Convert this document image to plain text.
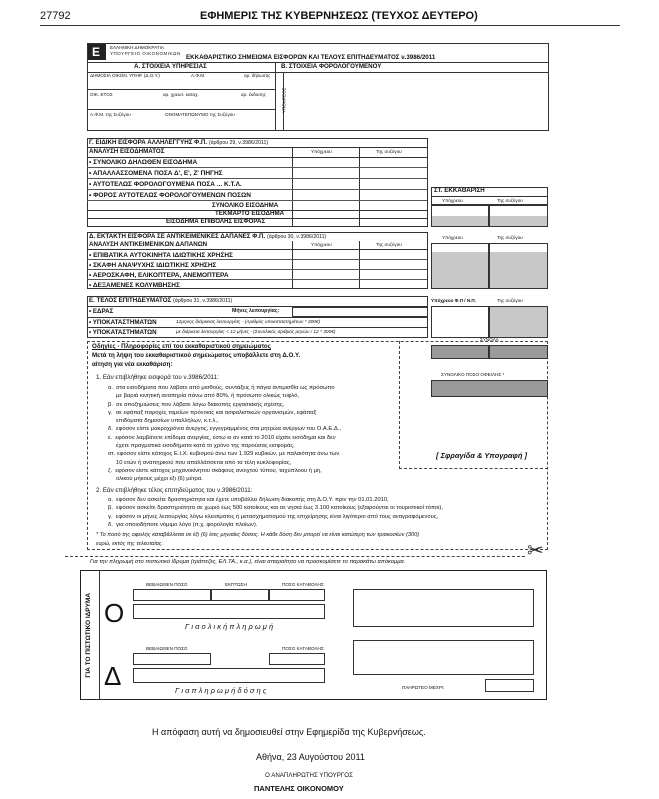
27792	ΕΦΗΜΕΡΙΣ ΤΗΣ ΚΥΒΕΡΝΗΣΕΩΣ (ΤΕΥΧΟΣ ΔΕΥΤΕΡΟ)
E ΕΛΛΗΝΙΚΗ ΔΗΜΟΚΡΑΤΙΑ
ΥΠΟΥΡΓΕΙΟ ΟΙΚΟΝΟΜΙΚΩΝ
ΕΚΚΑΘΑΡΙΣΤΙΚΟ ΣΗΜΕΙΩΜΑ ΕΙΣΦΟΡΩΝ ΚΑΙ ΤΕΛΟΥΣ ΕΠΙΤΗΔΕΥΜΑΤΟΣ ν.3986/2011
Α. ΣΤΟΙΧΕΙΑ ΥΠΗΡΕΣΙΑΣ	Β. ΣΤΟΙΧΕΙΑ ΦΟΡΟΛΟΓΟΥΜΕΝΟΥ
ΥΠΟΧΡΕΟΣ
ΔΗΜΟΣΙΑ ΟΙΚΟΝ. ΥΠΗΡ. (Δ.Ο.Υ.)	Α.Φ.Μ.	αρ. δήλωσης
ΟΙΚ. ΕΤΟΣ	αρ. χρεωτ. καταχ.	αρ. έκδοσης
Α.Φ.Μ. της Συζύγου	ΟΝΟΜΑΤΕΠΩΝΥΜΟ της Συζύγου
Γ. ΕΙΔΙΚΗ ΕΙΣΦΟΡΑ ΑΛΛΗΛΕΓΓΥΗΣ Φ.Π. (άρθρου 29, ν.3986/2011)
ΑΝΑΛΥΣΗ ΕΙΣΟΔΗΜΑΤΟΣ	Υπόχρεου	Της συζύγου
• ΣΥΝΟΛΙΚΟ ΔΗΛΩΘΕΝ ΕΙΣΟΔΗΜΑ
• ΑΠΑΛΛΑΣΣΟΜΕΝΑ ΠΟΣΑ Δ', Ε', Ζ' ΠΗΓΗΣ
• ΑΥΤΟΤΕΛΩΣ ΦΟΡΟΛΟΓΟΥΜΕΝΑ ΠΟΣΑ ... Κ.Τ.Λ.
• ΦΟΡΟΣ ΑΥΤΟΤΕΛΩΣ ΦΟΡΟΛΟΓΟΥΜΕΝΩΝ ΠΟΣΩΝ
ΣΥΝΟΛΙΚΟ ΕΙΣΟΔΗΜΑ
ΤΕΚΜΑΡΤΟ ΕΙΣΟΔΗΜΑ
ΕΙΣΟΔΗΜΑ ΕΠΙΒΟΛΗΣ ΕΙΣΦΟΡΑΣ
ΣΤ. ΕΚΚΑΘΑΡΙΣΗ
Υπόχρεου	Της συζύγου
Δ. ΕΚΤΑΚΤΗ ΕΙΣΦΟΡΑ ΣΕ ΑΝΤΙΚΕΙΜΕΝΙΚΕΣ ΔΑΠΑΝΕΣ Φ.Π. (άρθρου 30, ν.3986/2011)
ΑΝΑΛΥΣΗ ΑΝΤΙΚΕΙΜΕΝΙΚΩΝ ΔΑΠΑΝΩΝ	Υπόχρεου	Της συζύγου
• ΕΠΙΒΑΤΙΚΑ ΑΥΤΟΚΙΝΗΤΑ ΙΔΙΩΤΙΚΗΣ ΧΡΗΣΗΣ
• ΣΚΑΦΗ ΑΝΑΨΥΧΗΣ ΙΔΙΩΤΙΚΗΣ ΧΡΗΣΗΣ
• ΑΕΡΟΣΚΑΦΗ, ΕΛΙΚΟΠΤΕΡΑ, ΑΝΕΜΟΠΤΕΡΑ
• ΔΕΞΑΜΕΝΕΣ ΚΟΛΥΜΒΗΣΗΣ
Υπόχρεου	Της συζύγου
Ε. ΤΕΛΟΣ ΕΠΙΤΗΔΕΥΜΑΤΟΣ (άρθρου 31, ν.3986/2011)
• ΕΔΡΑΣ	Μήνες λειτουργίας:
• ΥΠΟΚΑΤΑΣΤΗΜΑΤΩΝ	12μηνης διάρκειας λειτουργίας - (Αριθμός υποκαταστημάτων * 300€)
• ΥΠΟΚΑΤΑΣΤΗΜΑΤΩΝ	με διάρκεια λειτουργίας < 12 μήνες - (Συνολικός αριθμός μηνών / 12 * 300€)
Υπόχρεου Φ.Π / Ν.Π.	Της συζύγου
Οδηγίες - Πληροφορίες επί του εκκαθαριστικού σημειώματος
Μετά τη λήψη του εκκαθαριστικού σημειώματος υποβάλλετε στη Δ.Ο.Υ.
αίτηση για νέα εκκαθάριση:
1. Εάν επιβλήθηκε εισφορά του ν.3986/2011:
α.  στα εισοδήματα που λάβατε από μισθούς, συντάξεις ή πάγια αντιμισθία ως πρόσωπο
με βαριά κινητική αναπηρία πάνω από 80%, ή πρόσωπο ολικώς τυφλό,
β.  σε αποζημιώσεις που λάβατε λόγω διακοπής εργασιακής σχέσης,
γ.  σε εφάπαξ παροχές ταμείων πρόνοιας και ασφαλιστικών οργανισμών, εφάπαξ
επιδόματα δημοσίων υπαλλήλων, κ.τ.λ.,
δ.  εφόσον είστε μακροχρόνια άνεργος, εγγεγραμμένος στα μητρώα ανέργων του Ο.Α.Ε.Δ.,
ε.  εφόσον λαμβάνετε επίδομα ανεργίας, έστω κι αν κατά το 2010 είχατε εισόδημα και δεν
έχετε πραγματικά εισοδήματα κατά το χρόνο της παρούσας εισφοράς,
στ. εφόσον είστε κάτοχος Ε.Ι.Χ. κυβισμού άνω των 1.929 κυβικών, με παλαιότητα άνω των
10 ετών ή αναπηρικού που απαλλάσσεται από τα τέλη κυκλοφορίας,
ζ.  εφόσον είστε κάτοχος μηχανοκίνητου σκάφους ανοιχτού τύπου, ταχύπλοου ή μη,
ολικού μήκους μέχρι έξι (6) μέτρα.
2. Εάν επιβλήθηκε τέλος επιτηδεύματος του ν.3986/2011:
α.  εφόσον δεν ασκείτε δραστηριότητα και έχετε υποβάλλει δήλωση διακοπής στη Δ.Ο.Υ. πριν την 01.01.2010,
β.  εφόσον ασκείτε δραστηριότητα σε χωριό έως 500 κατοίκους και σε νησιά έως 3.100 κατοίκους (εξαιρούνται οι τουριστικοί τόποι),
γ.  εφόσον οι μήνες λειτουργίας λόγω κλεισίματος ή μετασχηματισμού της επιχείρησης είναι λιγότεροι από τους αναγραφόμενους,
δ.  για οποιοδήποτε νόμιμο λόγο (π.χ. φορολογία πλοίων).
* Το ποσό της οφειλής καταβάλλεται σε έξι (6) ίσες μηνιαίες δόσεις. Η κάθε δόση δεν μπορεί να είναι κατώτερη των τριακοσίων (300)
ευρώ, εκτός της τελευταίας.
ΣΥΝΟΛΑ
ΣΥΝΟΛΙΚΟ ΠΟΣΟ ΟΦΕΙΛΗΣ *
[ Σφραγίδα & Υπογραφή ]
✂
Για την πληρωμή στο πιστωτικό ίδρυμα (τράπεζες, ΕΛ.ΤΑ., κ.α.), είναι απαραίτητο να προσκομίσετε το παρακάτω απόκομμα.
ΓΙΑ ΤΟ ΠΙΣΤΩΤΙΚΟ ΙΔΡΥΜΑ Ο
ΒΕΒΑΙΩΘΕΝ ΠΟΣΟ	ΕΚΠΤΩΣΗ	ΠΟΣΟ ΚΑΤΑΒΟΛΗΣ
Γ ι α ο λ ι κ ή π λ η ρ ω μ ή
Δ
ΒΕΒΑΙΩΘΕΝ ΠΟΣΟ	ΠΟΣΟ ΚΑΤΑΒΟΛΗΣ
Γ ι α π λ η ρ ω μ ή δ ό σ η ς	ΠΛΗΡΩΤΕΟ ΜΕΧΡΙ:
Η απόφαση αυτή να δημοσιευθεί στην Εφημερίδα της Κυβερνήσεως.
Αθήνα, 23 Αυγούστου 2011
Ο ΑΝΑΠΛΗΡΩΤΗΣ ΥΠΟΥΡΓΟΣ
ΠΑΝΤΕΛΗΣ ΟΙΚΟΝΟΜΟΥ
